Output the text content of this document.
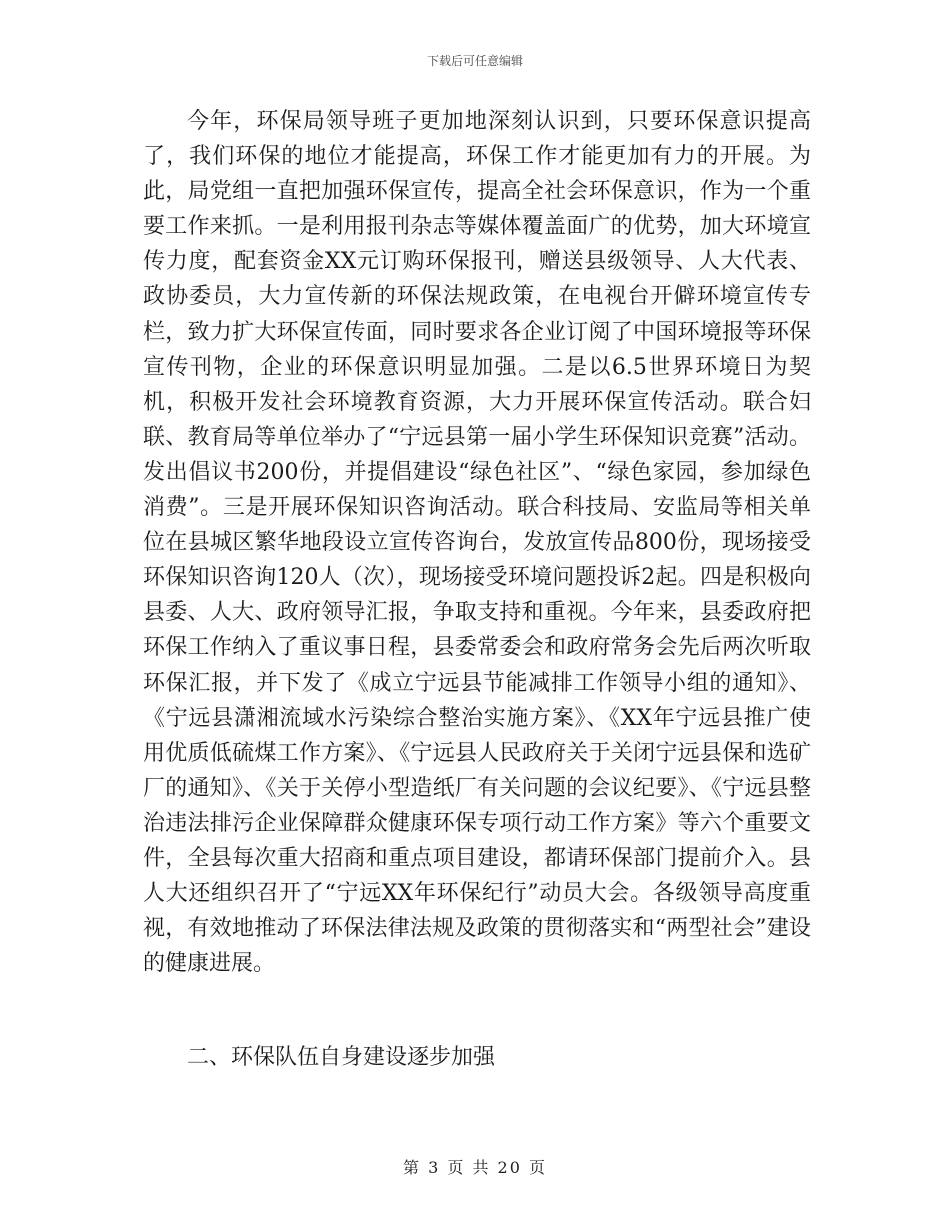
下载后可任意编辑

今年，环保局领导班子更加地深刻认识到，只要环保意识提高了，我们环保的地位才能提高，环保工作才能更加有力的开展。为此，局党组一直把加强环保宣传，提高全社会环保意识，作为一个重要工作来抓。一是利用报刊杂志等媒体覆盖面广的优势，加大环境宣传力度，配套资金XX元订购环保报刊，赠送县级领导、人大代表、政协委员，大力宣传新的环保法规政策，在电视台开僻环境宣传专栏，致力扩大环保宣传面，同时要求各企业订阅了中国环境报等环保宣传刊物，企业的环保意识明显加强。二是以6.5世界环境日为契机，积极开发社会环境教育资源，大力开展环保宣传活动。联合妇联、教育局等单位举办了“宁远县第一届小学生环保知识竞赛”活动。发出倡议书200份，并提倡建设“绿色社区”、“绿色家园，参加绿色消费”。三是开展环保知识咨询活动。联合科技局、安监局等相关单位在县城区繁华地段设立宣传咨询台，发放宣传品800份，现场接受环保知识咨询120人（次），现场接受环境问题投诉2起。四是积极向县委、人大、政府领导汇报，争取支持和重视。今年来，县委政府把环保工作纳入了重议事日程，县委常委会和政府常务会先后两次听取环保汇报，并下发了《成立宁远县节能减排工作领导小组的通知》、《宁远县潇湘流域水污染综合整治实施方案》、《XX年宁远县推广使用优质低硫煤工作方案》、《宁远县人民政府关于关闭宁远县保和选矿厂的通知》、《关于关停小型造纸厂有关问题的会议纪要》、《宁远县整治违法排污企业保障群众健康环保专项行动工作方案》等六个重要文件，全县每次重大招商和重点项目建设，都请环保部门提前介入。县人大还组织召开了“宁远XX年环保纪行”动员大会。各级领导高度重视，有效地推动了环保法律法规及政策的贯彻落实和“两型社会”建设的健康进展。

二、环保队伍自身建设逐步加强

第 3 页 共 20 页
